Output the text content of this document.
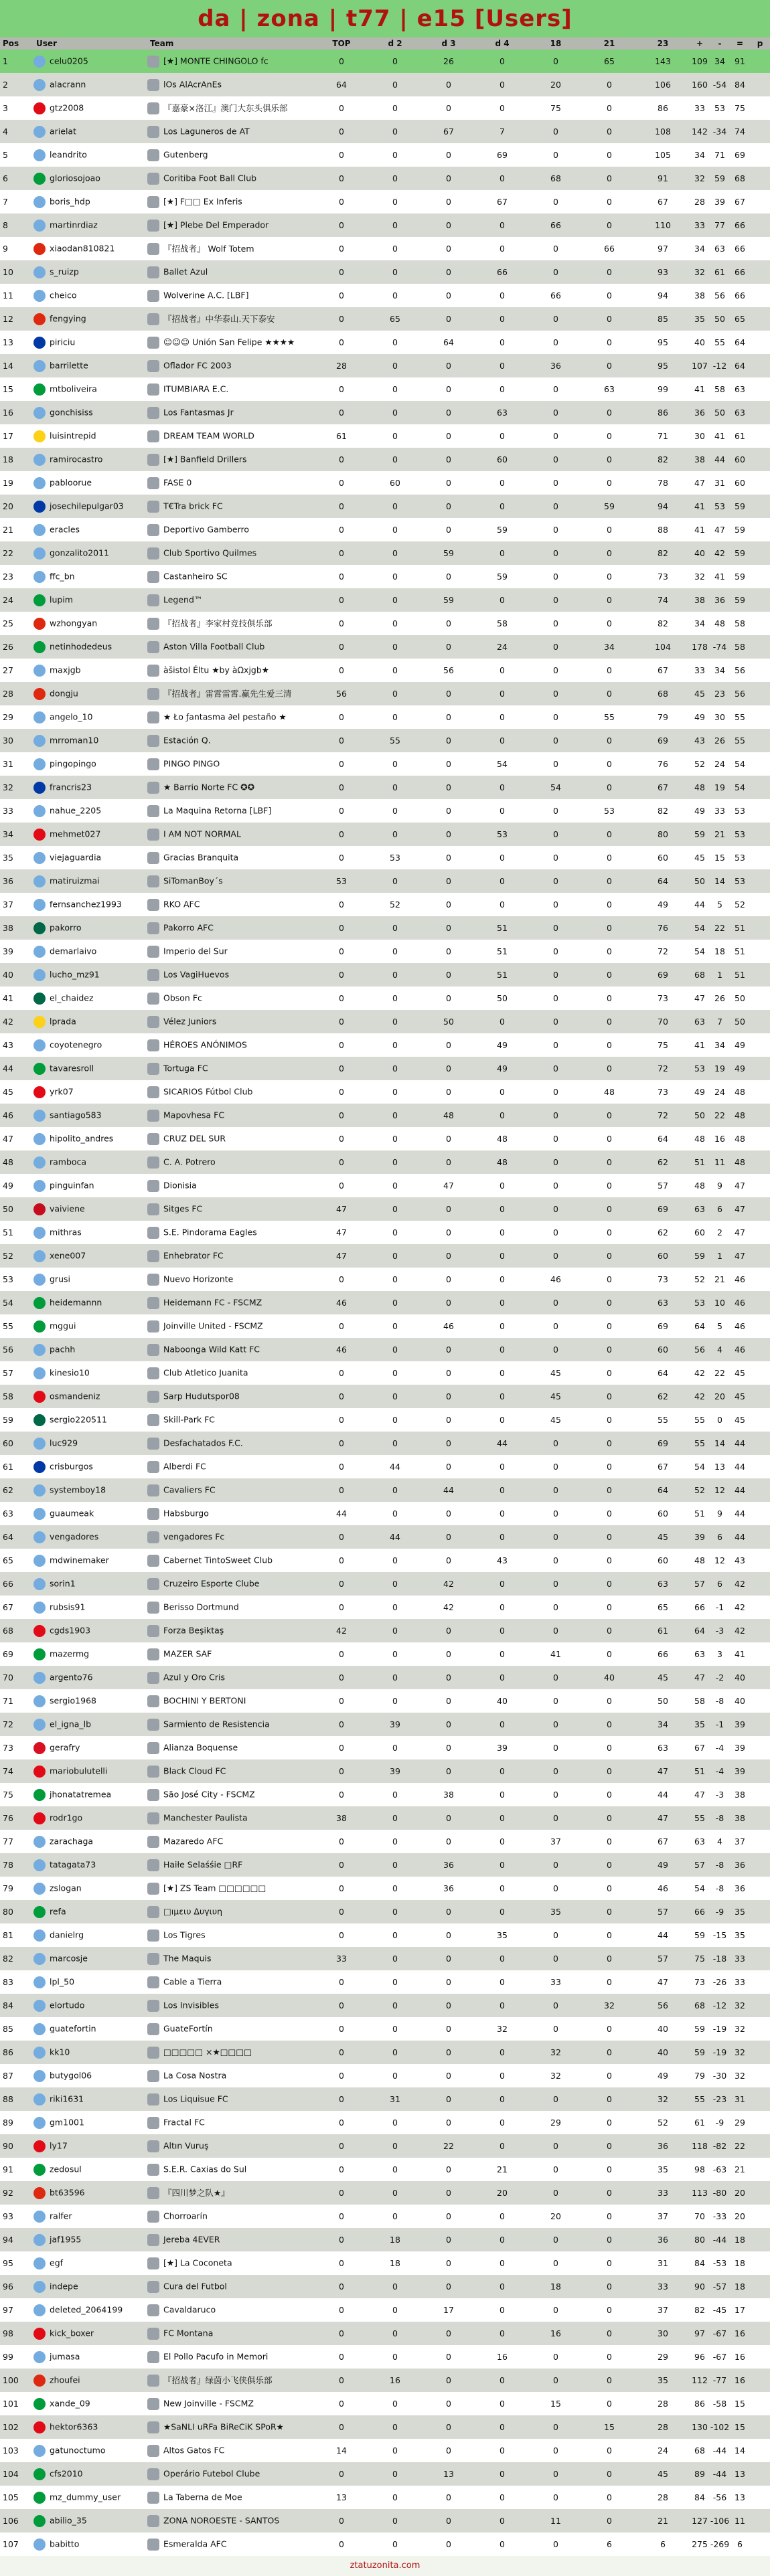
da | zona | t77 | e15 [Users]
Pos	User	Team	TOP	d 2	d 3	d 4	18	21	23	+	-	=	p
1	celu0205	[★] MONTE CHINGOLO fc	0	0	26	0	0	65	143	109	34	91	
2	alacrann	lOs AlAcrAnEs	64	0	0	0	20	0	106	160	-54	84	
3	gtz2008	『嘉豪×洛江』澳门大东头俱乐部	0	0	0	0	75	0	86	33	53	75	
4	arielat	Los Laguneros de AT	0	0	67	7	0	0	108	142	-34	74	
5	leandrito	Gutenberg	0	0	0	69	0	0	105	34	71	69	
6	gloriosojoao	Coritiba Foot Ball Club	0	0	0	0	68	0	91	32	59	68	
7	boris_hdp	[★] F□□ Ex Inferis	0	0	0	67	0	0	67	28	39	67	
8	martinrdiaz	[★] Plebe Del Emperador	0	0	0	0	66	0	110	33	77	66	
9	xiaodan810821	『招战者』 Wolf Totem	0	0	0	0	0	66	97	34	63	66	
10	s_ruizp	Ballet Azul	0	0	0	66	0	0	93	32	61	66	
11	cheico	Wolverine A.C. [LBF]	0	0	0	0	66	0	94	38	56	66	
12	fengying	『招战者』中华泰山.天下泰安	0	65	0	0	0	0	85	35	50	65	
13	piriciu	☺☺☺ Unión San Felipe ★★★★	0	0	64	0	0	0	95	40	55	64	
14	barrilette	Oflador FC 2003	28	0	0	0	36	0	95	107	-12	64	
15	mtboliveira	ITUMBIARA E.C.	0	0	0	0	0	63	99	41	58	63	
16	gonchisiss	Los Fantasmas Jr	0	0	0	63	0	0	86	36	50	63	
17	luisintrepid	DREAM TEAM WORLD	61	0	0	0	0	0	71	30	41	61	
18	ramirocastro	[★] Banfield Drillers	0	0	0	60	0	0	82	38	44	60	
19	pabloorue	FASE 0	0	60	0	0	0	0	78	47	31	60	
20	josechilepulgar03	T€Tra brick FC	0	0	0	0	0	59	94	41	53	59	
21	eracles	Deportivo Gamberro	0	0	0	59	0	0	88	41	47	59	
22	gonzalito2011	Club Sportivo Quilmes	0	0	59	0	0	0	82	40	42	59	
23	ffc_bn	Castanheiro SC	0	0	0	59	0	0	73	32	41	59	
24	lupim	Legend™	0	0	59	0	0	0	74	38	36	59	
25	wzhongyan	『招战者』李家村竞技俱乐部	0	0	0	58	0	0	82	34	48	58	
26	netinhodedeus	Aston Villa Football Club	0	0	0	24	0	34	104	178	-74	58	
27	maxjgb	àšistol Éltu ★by àΩxjgb★	0	0	56	0	0	0	67	33	34	56	
28	dongju	『招战者』雷霄雷霄.赢先生爱三清	56	0	0	0	0	0	68	45	23	56	
29	angelo_10	★ Ło ƒantasma ∂el pestaño ★	0	0	0	0	0	55	79	49	30	55	
30	mrroman10	Estación Q.	0	55	0	0	0	0	69	43	26	55	
31	pingopingo	PINGO PINGO	0	0	0	54	0	0	76	52	24	54	
32	francris23	★ Barrio Norte FC ✪✪	0	0	0	0	54	0	67	48	19	54	
33	nahue_2205	La Maquina Retorna [LBF]	0	0	0	0	0	53	82	49	33	53	
34	mehmet027	I AM NOT NORMAL	0	0	0	53	0	0	80	59	21	53	
35	viejaguardia	Gracias Branquita	0	53	0	0	0	0	60	45	15	53	
36	matiruizmai	SiTomanBoy´s	53	0	0	0	0	0	64	50	14	53	
37	fernsanchez1993	RKO AFC	0	52	0	0	0	0	49	44	5	52	
38	pakorro	Pakorro AFC	0	0	0	51	0	0	76	54	22	51	
39	demarlaivo	Imperio del Sur	0	0	0	51	0	0	72	54	18	51	
40	lucho_mz91	Los VagiHuevos	0	0	0	51	0	0	69	68	1	51	
41	el_chaidez	Obson Fc	0	0	0	50	0	0	73	47	26	50	
42	lprada	Vélez Juniors	0	0	50	0	0	0	70	63	7	50	
43	coyotenegro	HÉROES ANÓNIMOS	0	0	0	49	0	0	75	41	34	49	
44	tavaresroll	Tortuga FC	0	0	0	49	0	0	72	53	19	49	
45	yrk07	SICARIOS Fútbol Club	0	0	0	0	0	48	73	49	24	48	
46	santiago583	Mapovhesa FC	0	0	48	0	0	0	72	50	22	48	
47	hipolito_andres	CRUZ DEL SUR	0	0	0	48	0	0	64	48	16	48	
48	ramboca	C. A. Potrero	0	0	0	48	0	0	62	51	11	48	
49	pinguinfan	Dionisia	0	0	47	0	0	0	57	48	9	47	
50	vaiviene	Sitges FC	47	0	0	0	0	0	69	63	6	47	
51	mithras	S.E. Pindorama Eagles	47	0	0	0	0	0	62	60	2	47	
52	xene007	Enhebrator FC	47	0	0	0	0	0	60	59	1	47	
53	grusi	Nuevo Horizonte	0	0	0	0	46	0	73	52	21	46	
54	heidemannn	Heidemann FC - FSCMZ	46	0	0	0	0	0	63	53	10	46	
55	mggui	Joinville United - FSCMZ	0	0	46	0	0	0	69	64	5	46	
56	pachh	Naboonga Wild Katt FC	46	0	0	0	0	0	60	56	4	46	
57	kinesio10	Club Atletico Juanita	0	0	0	0	45	0	64	42	22	45	
58	osmandeniz	Sarp Hudutspor08	0	0	0	0	45	0	62	42	20	45	
59	sergio220511	Skill-Park FC	0	0	0	0	45	0	55	55	0	45	
60	luc929	Desfachatados F.C.	0	0	0	44	0	0	69	55	14	44	
61	crisburgos	Alberdi FC	0	44	0	0	0	0	67	54	13	44	
62	systemboy18	Cavaliers FC	0	0	44	0	0	0	64	52	12	44	
63	guaumeak	Habsburgo	44	0	0	0	0	0	60	51	9	44	
64	vengadores	vengadores Fc	0	44	0	0	0	0	45	39	6	44	
65	mdwinemaker	Cabernet TintoSweet Club	0	0	0	43	0	0	60	48	12	43	
66	sorin1	Cruzeiro Esporte Clube	0	0	42	0	0	0	63	57	6	42	
67	rubsis91	Berisso Dortmund	0	0	42	0	0	0	65	66	-1	42	
68	cgds1903	Forza Beşiktaş	42	0	0	0	0	0	61	64	-3	42	
69	mazermg	MAZER SAF	0	0	0	0	41	0	66	63	3	41	
70	argento76	Azul y Oro Cris	0	0	0	0	0	40	45	47	-2	40	
71	sergio1968	BOCHINI Y BERTONI	0	0	0	40	0	0	50	58	-8	40	
72	el_igna_lb	Sarmiento de Resistencia	0	39	0	0	0	0	34	35	-1	39	
73	gerafry	Alianza Boquense	0	0	0	39	0	0	63	67	-4	39	
74	mariobulutelli	Black Cloud FC	0	39	0	0	0	0	47	51	-4	39	
75	jhonatatremea	São José City - FSCMZ	0	0	38	0	0	0	44	47	-3	38	
76	rodr1go	Manchester Paulista	38	0	0	0	0	0	47	55	-8	38	
77	zarachaga	Mazaredo AFC	0	0	0	0	37	0	67	63	4	37	
78	tatagata73	Haiłe Selaśśie □RF	0	0	36	0	0	0	49	57	-8	36	
79	zslogan	[★] ZS Team □□□□□□	0	0	36	0	0	0	46	54	-8	36	
80	refa	□ıμειυ Δυγιυη	0	0	0	0	35	0	57	66	-9	35	
81	danielrg	Los Tigres	0	0	0	35	0	0	44	59	-15	35	
82	marcosje	The Maquis	33	0	0	0	0	0	57	75	-18	33	
83	lpl_50	Cable a Tierra	0	0	0	0	33	0	47	73	-26	33	
84	elortudo	Los Invisibles	0	0	0	0	0	32	56	68	-12	32	
85	guatefortin	GuateFortín	0	0	0	32	0	0	40	59	-19	32	
86	kk10	□□□□□ ×★□□□□	0	0	0	0	32	0	40	59	-19	32	
87	butygol06	La Cosa Nostra	0	0	0	0	32	0	49	79	-30	32	
88	riki1631	Los Liquisue FC	0	31	0	0	0	0	32	55	-23	31	
89	gm1001	Fractal FC	0	0	0	0	29	0	52	61	-9	29	
90	ly17	Altın Vuruş	0	0	22	0	0	0	36	118	-82	22	
91	zedosul	S.E.R. Caxias do Sul	0	0	0	21	0	0	35	98	-63	21	
92	bt63596	『四川梦之队★』	0	0	0	20	0	0	33	113	-80	20	
93	ralfer	Chorroarín	0	0	0	0	20	0	37	70	-33	20	
94	jaf1955	Jereba 4EVER	0	18	0	0	0	0	36	80	-44	18	
95	egf	[★] La Coconeta	0	18	0	0	0	0	31	84	-53	18	
96	indepe	Cura del Futbol	0	0	0	0	18	0	33	90	-57	18	
97	deleted_2064199	Cavaldaruco	0	0	17	0	0	0	37	82	-45	17	
98	kick_boxer	FC Montana	0	0	0	0	16	0	30	97	-67	16	
99	jumasa	El Pollo Pacufo in Memori	0	0	0	16	0	0	29	96	-67	16	
100	zhoufei	『招战者』绿茵小飞侠俱乐部	0	16	0	0	0	0	35	112	-77	16	
101	xande_09	New Joinville - FSCMZ	0	0	0	0	15	0	28	86	-58	15	
102	hektor6363	★SaNLI uRFa BiReCiK SPoR★	0	0	0	0	0	15	28	130	-102	15	
103	gatunoctumo	Altos Gatos FC	14	0	0	0	0	0	24	68	-44	14	
104	cfs2010	Operário Futebol Clube	0	0	13	0	0	0	45	89	-44	13	
105	mz_dummy_user	La Taberna de Moe	13	0	0	0	0	0	28	84	-56	13	
106	abilio_35	ZONA NOROESTE - SANTOS	0	0	0	0	11	0	21	127	-106	11	
107	babitto	Esmeralda AFC	0	0	0	0	0	6	6	275	-269	6	
ztatuzonita.com
